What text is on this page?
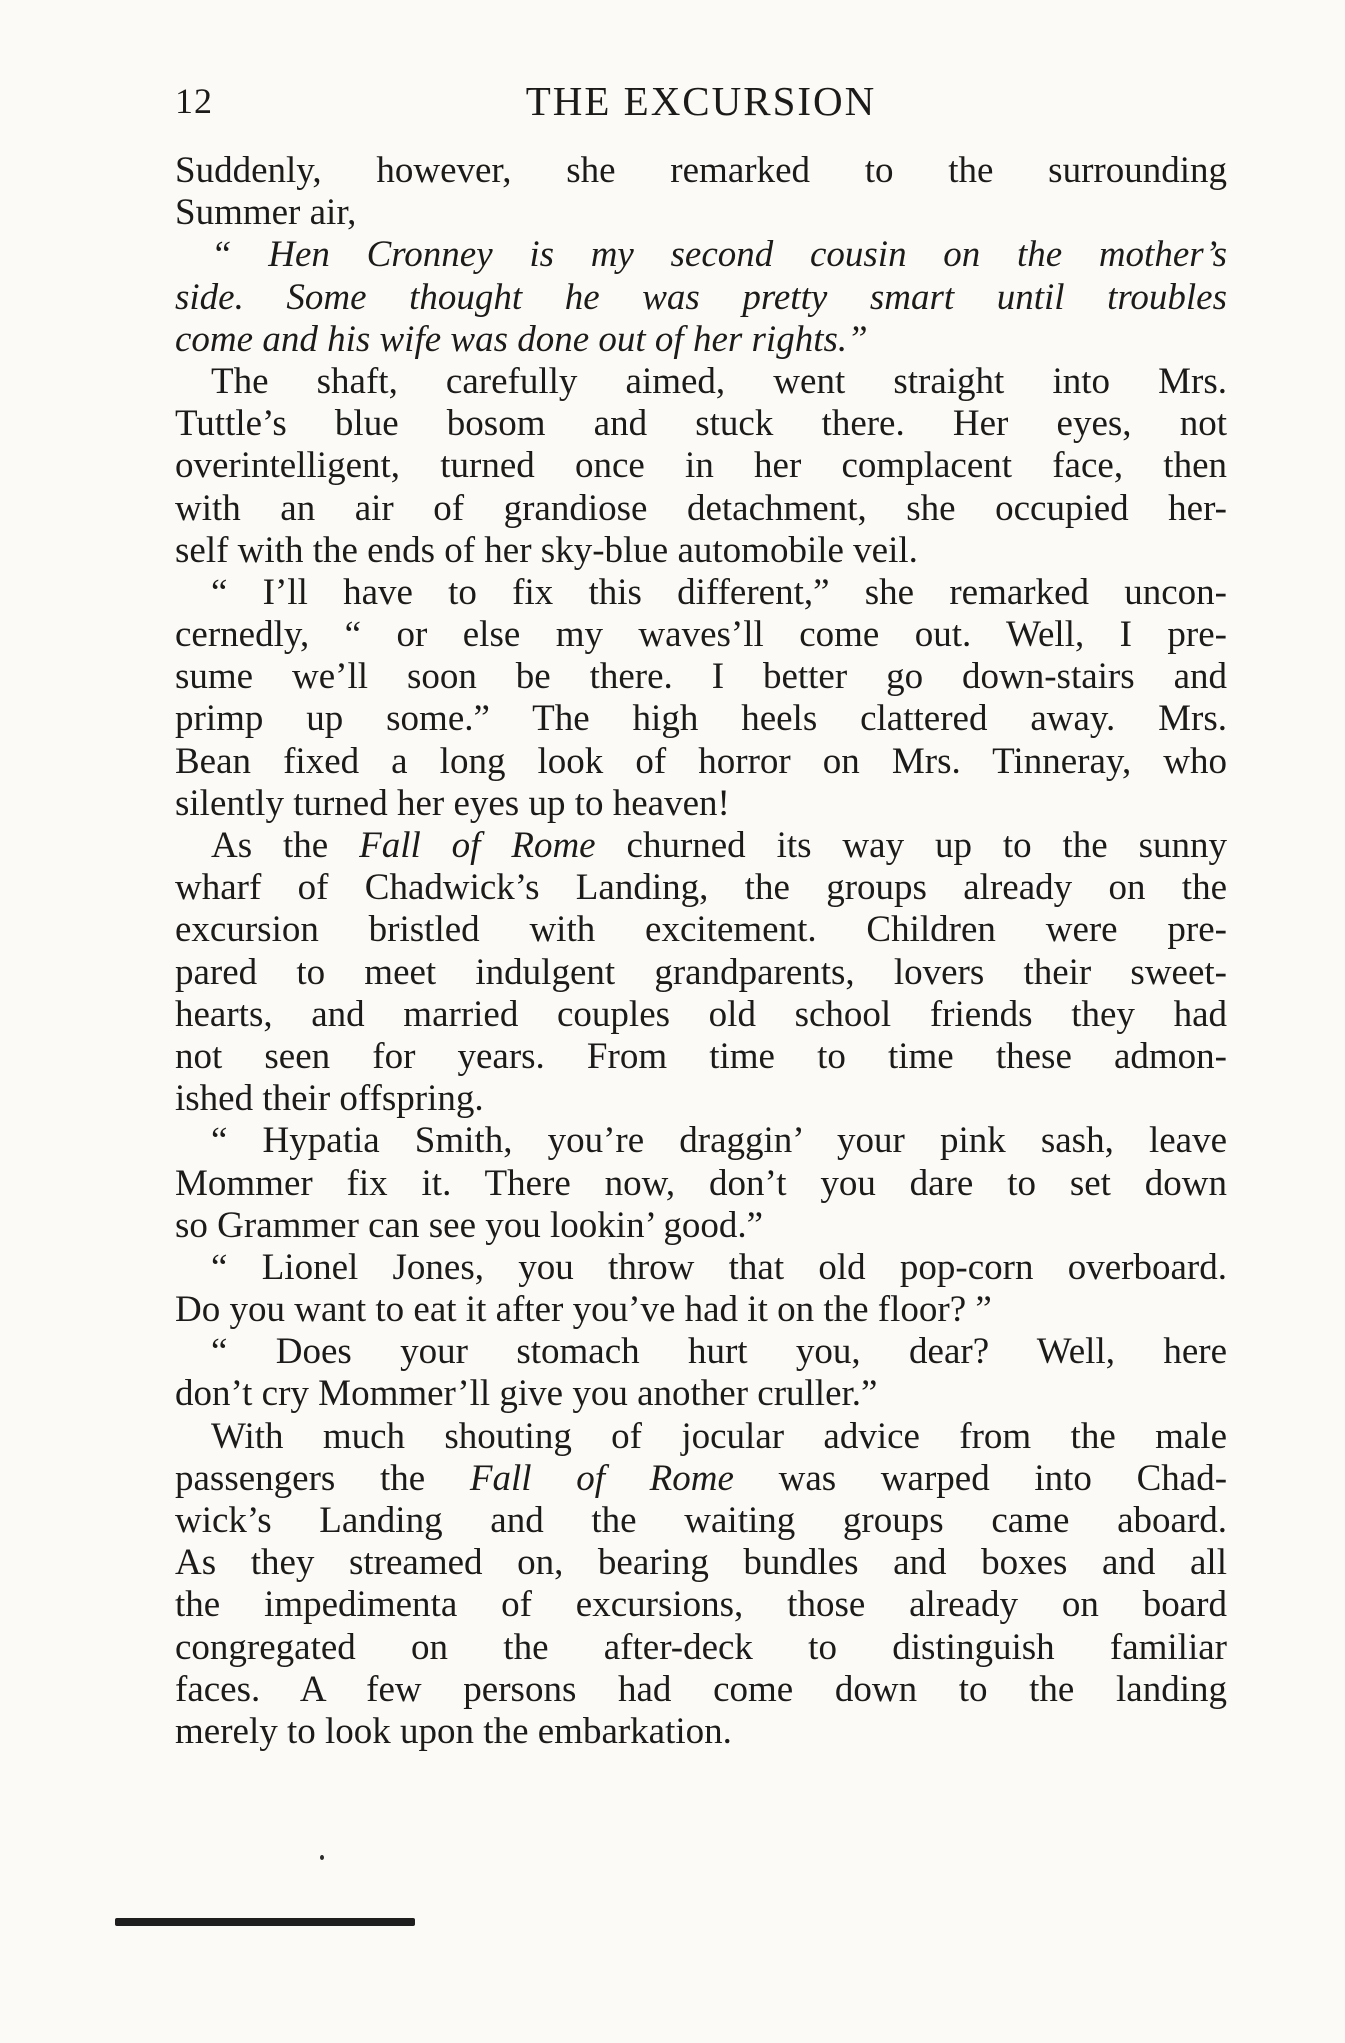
12	THE EXCURSION
Suddenly, however, she remarked to the surrounding
Summer air,
“ Hen Cronney is my second cousin on the mother’s
side. Some thought he was pretty smart until troubles
come and his wife was done out of her rights.”
The shaft, carefully aimed, went straight into Mrs.
Tuttle’s blue bosom and stuck there. Her eyes, not
overintelligent, turned once in her complacent face, then
with an air of grandiose detachment, she occupied her-
self with the ends of her sky-blue automobile veil.
“ I’ll have to fix this different,” she remarked uncon-
cernedly, “ or else my waves’ll come out. Well, I pre-
sume we’ll soon be there. I better go down-stairs and
primp up some.” The high heels clattered away. Mrs.
Bean fixed a long look of horror on Mrs. Tinneray, who
silently turned her eyes up to heaven!
As the Fall of Rome churned its way up to the sunny
wharf of Chadwick’s Landing, the groups already on the
excursion bristled with excitement. Children were pre-
pared to meet indulgent grandparents, lovers their sweet-
hearts, and married couples old school friends they had
not seen for years. From time to time these admon-
ished their offspring.
“ Hypatia Smith, you’re draggin’ your pink sash, leave
Mommer fix it. There now, don’t you dare to set down
so Grammer can see you lookin’ good.”
“ Lionel Jones, you throw that old pop-corn overboard.
Do you want to eat it after you’ve had it on the floor? ”
“ Does your stomach hurt you, dear? Well, here
don’t cry Mommer’ll give you another cruller.”
With much shouting of jocular advice from the male
passengers the Fall of Rome was warped into Chad-
wick’s Landing and the waiting groups came aboard.
As they streamed on, bearing bundles and boxes and all
the impedimenta of excursions, those already on board
congregated on the after-deck to distinguish familiar
faces. A few persons had come down to the landing
merely to look upon the embarkation.
